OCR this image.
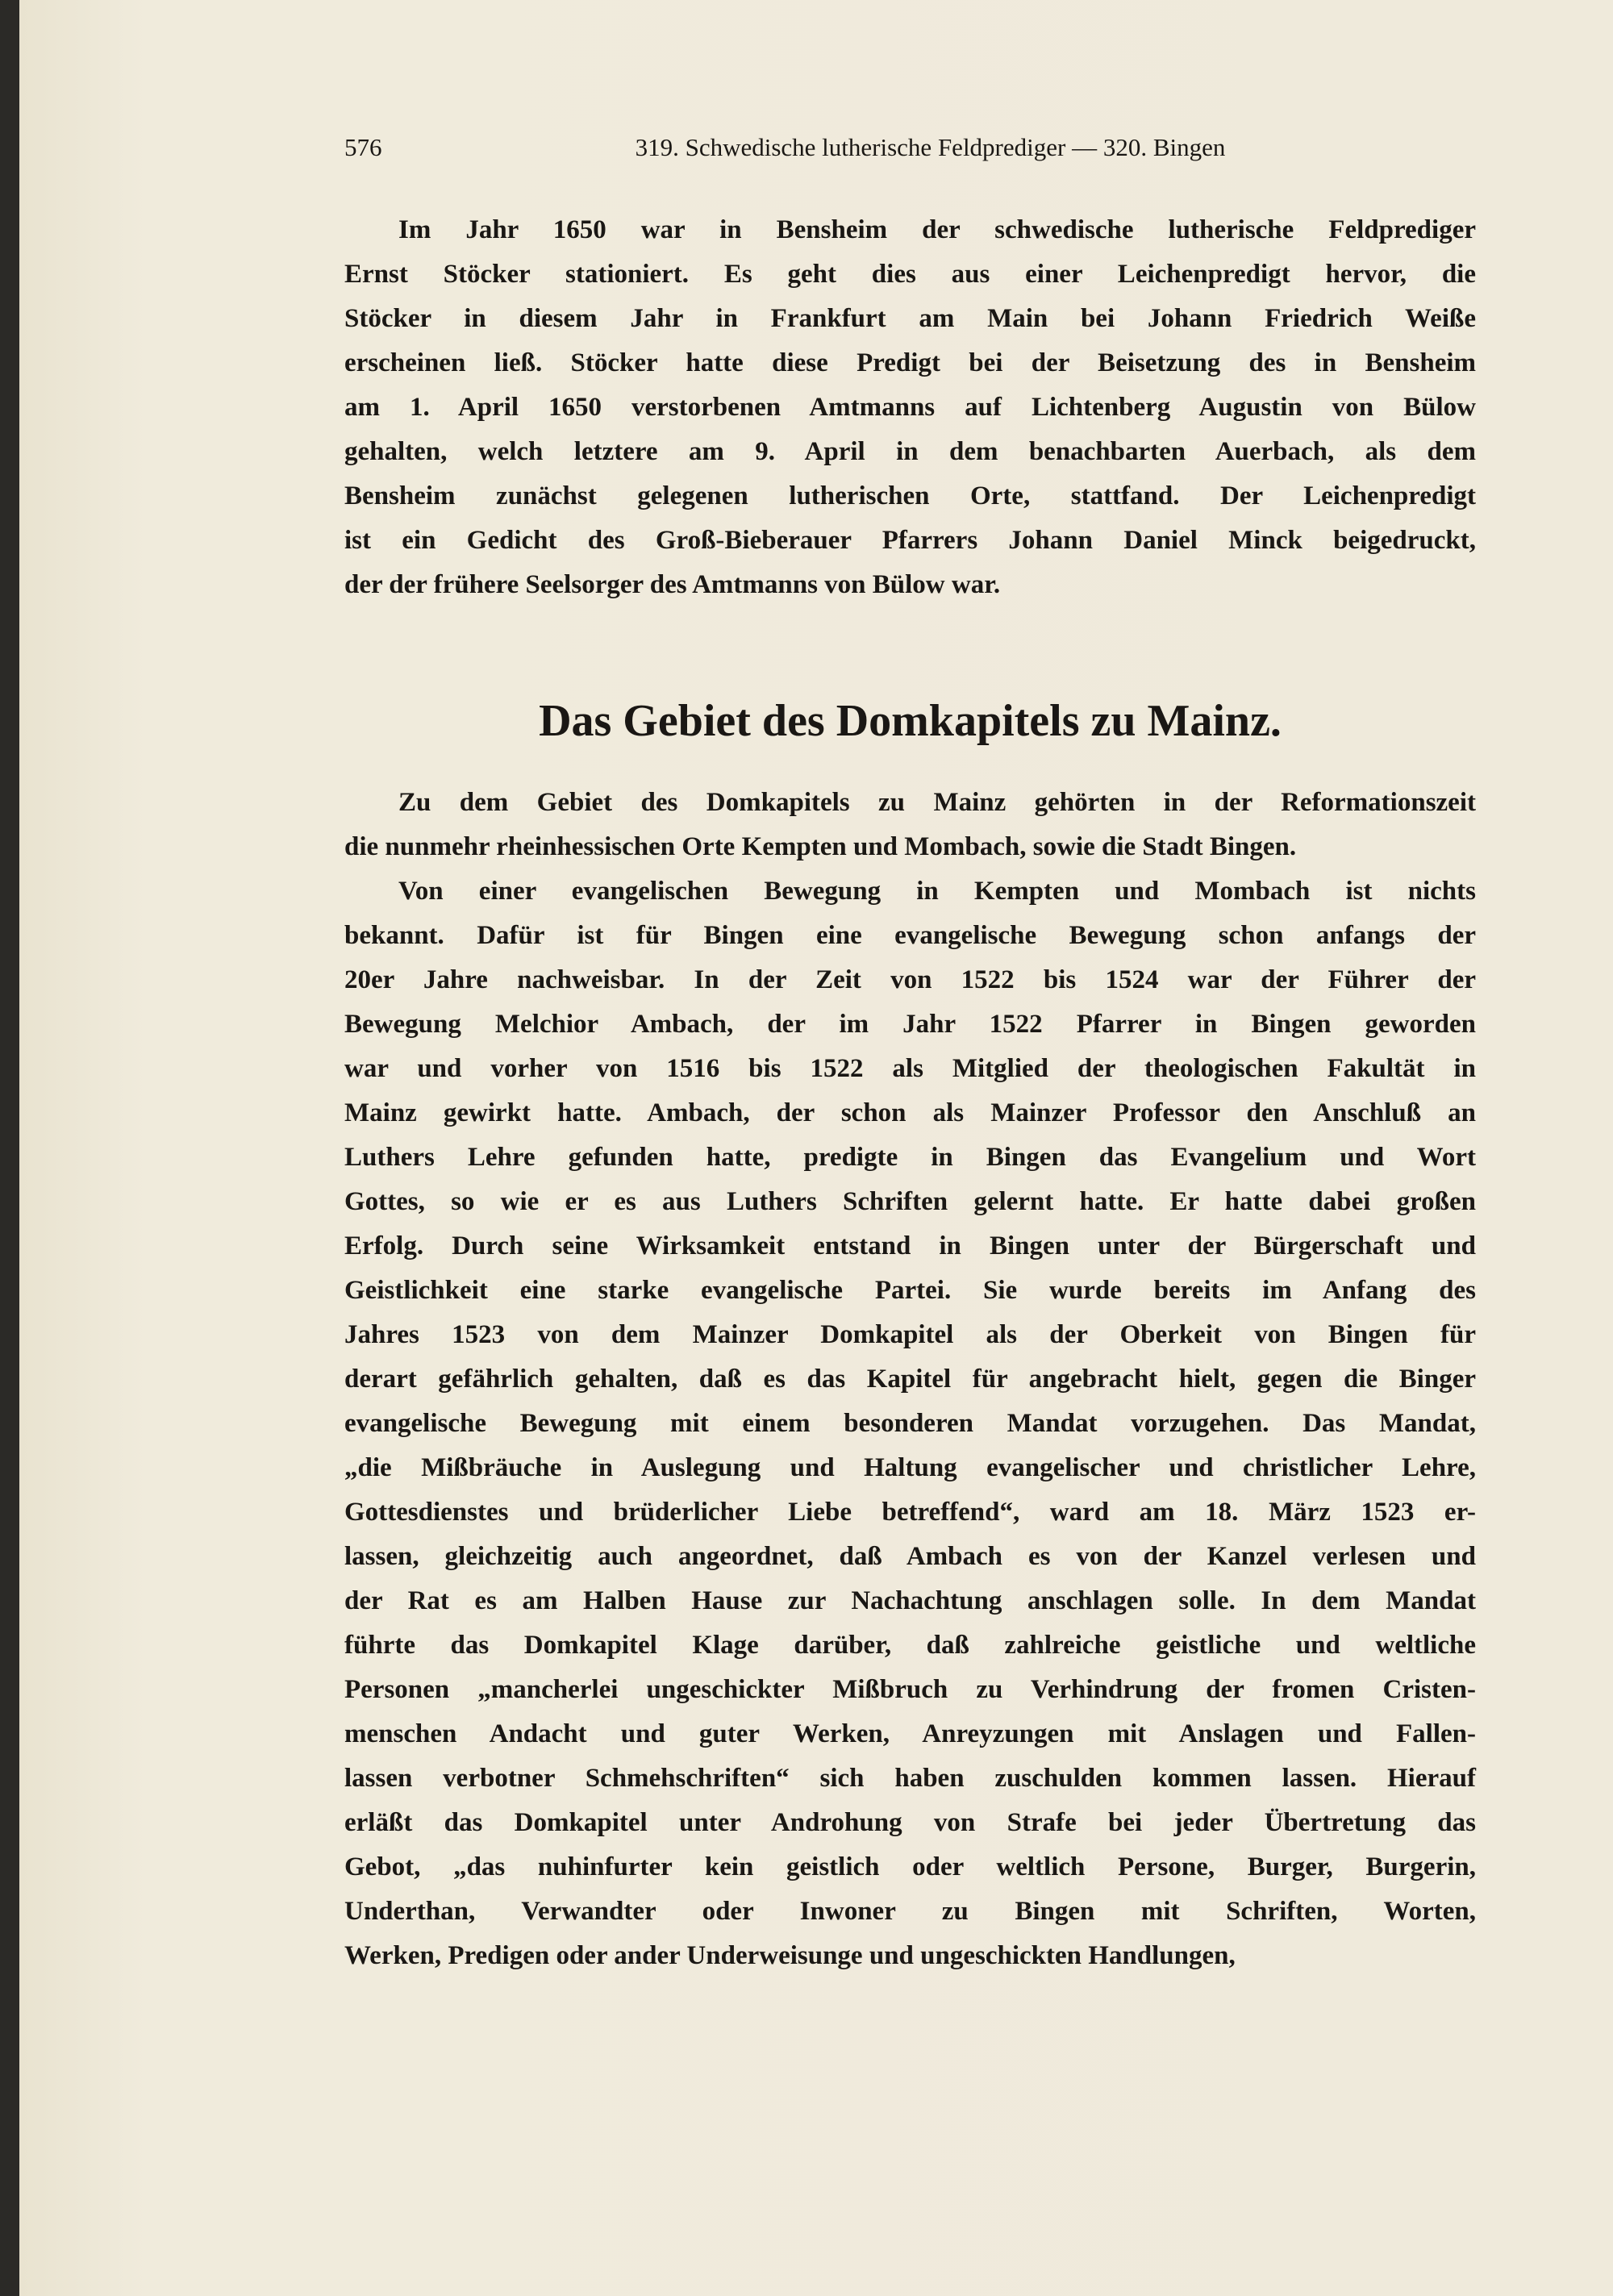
576	319. Schwedische lutherische Feldprediger — 320. Bingen
Im Jahr 1650 war in Bensheim der schwedische lutherische Feldprediger
Ernst Stöcker stationiert. Es geht dies aus einer Leichenpredigt hervor, die
Stöcker in diesem Jahr in Frankfurt am Main bei Johann Friedrich Weiße
erscheinen ließ. Stöcker hatte diese Predigt bei der Beisetzung des in Bensheim
am 1. April 1650 verstorbenen Amtmanns auf Lichtenberg Augustin von Bülow
gehalten, welch letztere am 9. April in dem benachbarten Auerbach, als dem
Bensheim zunächst gelegenen lutherischen Orte, stattfand. Der Leichenpredigt
ist ein Gedicht des Groß-Bieberauer Pfarrers Johann Daniel Minck beigedruckt,
der der frühere Seelsorger des Amtmanns von Bülow war.
Das Gebiet des Domkapitels zu Mainz.
Zu dem Gebiet des Domkapitels zu Mainz gehörten in der Reformationszeit
die nunmehr rheinhessischen Orte Kempten und Mombach, sowie die Stadt Bingen.
Von einer evangelischen Bewegung in Kempten und Mombach ist nichts
bekannt. Dafür ist für Bingen eine evangelische Bewegung schon anfangs der
20er Jahre nachweisbar. In der Zeit von 1522 bis 1524 war der Führer der
Bewegung Melchior Ambach, der im Jahr 1522 Pfarrer in Bingen geworden
war und vorher von 1516 bis 1522 als Mitglied der theologischen Fakultät in
Mainz gewirkt hatte. Ambach, der schon als Mainzer Professor den Anschluß an
Luthers Lehre gefunden hatte, predigte in Bingen das Evangelium und Wort
Gottes, so wie er es aus Luthers Schriften gelernt hatte. Er hatte dabei großen
Erfolg. Durch seine Wirksamkeit entstand in Bingen unter der Bürgerschaft und
Geistlichkeit eine starke evangelische Partei. Sie wurde bereits im Anfang des
Jahres 1523 von dem Mainzer Domkapitel als der Oberkeit von Bingen für
derart gefährlich gehalten, daß es das Kapitel für angebracht hielt, gegen die Binger
evangelische Bewegung mit einem besonderen Mandat vorzugehen. Das Mandat,
„die Mißbräuche in Auslegung und Haltung evangelischer und christlicher Lehre,
Gottesdienstes und brüderlicher Liebe betreffend“, ward am 18. März 1523 er-
lassen, gleichzeitig auch angeordnet, daß Ambach es von der Kanzel verlesen und
der Rat es am Halben Hause zur Nachachtung anschlagen solle. In dem Mandat
führte das Domkapitel Klage darüber, daß zahlreiche geistliche und weltliche
Personen „mancherlei ungeschickter Mißbruch zu Verhindrung der fromen Cristen-
menschen Andacht und guter Werken, Anreyzungen mit Anslagen und Fallen-
lassen verbotner Schmehschriften“ sich haben zuschulden kommen lassen. Hierauf
erläßt das Domkapitel unter Androhung von Strafe bei jeder Übertretung das
Gebot, „das nuhinfurter kein geistlich oder weltlich Persone, Burger, Burgerin,
Underthan, Verwandter oder Inwoner zu Bingen mit Schriften, Worten,
Werken, Predigen oder ander Underweisunge und ungeschickten Handlungen,
